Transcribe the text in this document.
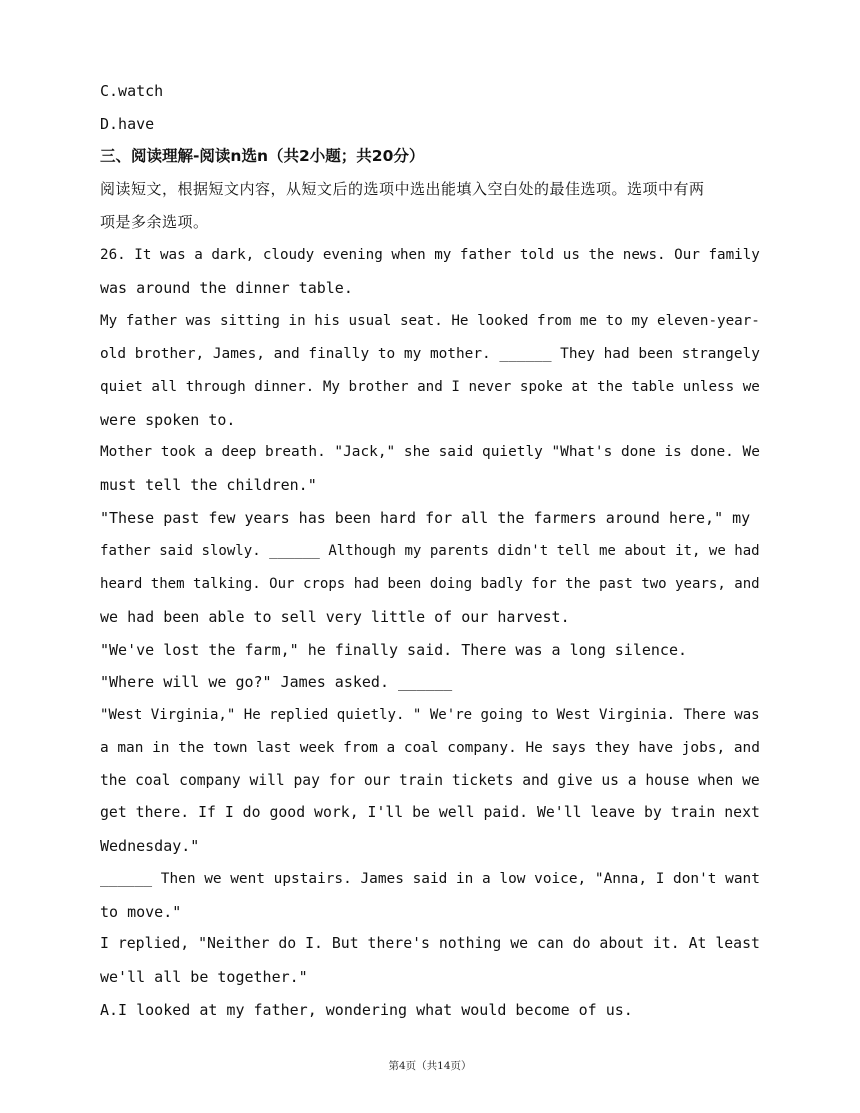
C.watch
D.have
三、阅读理解-阅读n选n（共2小题；共20分）
阅读短文，根据短文内容，从短文后的选项中选出能填入空白处的最佳选项。选项中有两
项是多余选项。
26. It was a dark, cloudy evening when my father told us the news. Our family
was around the dinner table.
My father was sitting in his usual seat. He looked from me to my eleven-year-
old brother, James, and finally to my mother. ______ They had been strangely
quiet all through dinner. My brother and I never spoke at the table unless we
were spoken to.
Mother took a deep breath. "Jack," she said quietly "What's done is done. We
must tell the children."
"These past few years has been hard for all the farmers around here," my
father said slowly. ______ Although my parents didn't tell me about it, we had
heard them talking. Our crops had been doing badly for the past two years, and
we had been able to sell very little of our harvest.
"We've lost the farm," he finally said. There was a long silence.
"Where will we go?" James asked. ______
"West Virginia," He replied quietly. " We're going to West Virginia. There was
a man in the town last week from a coal company. He says they have jobs, and
the coal company will pay for our train tickets and give us a house when we
get there. If I do good work, I'll be well paid. We'll leave by train next
Wednesday."
______ Then we went upstairs. James said in a low voice, "Anna, I don't want
to move."
I replied, "Neither do I. But there's nothing we can do about it. At least
we'll all be together."
A.I looked at my father, wondering what would become of us.
第4页（共14页）
